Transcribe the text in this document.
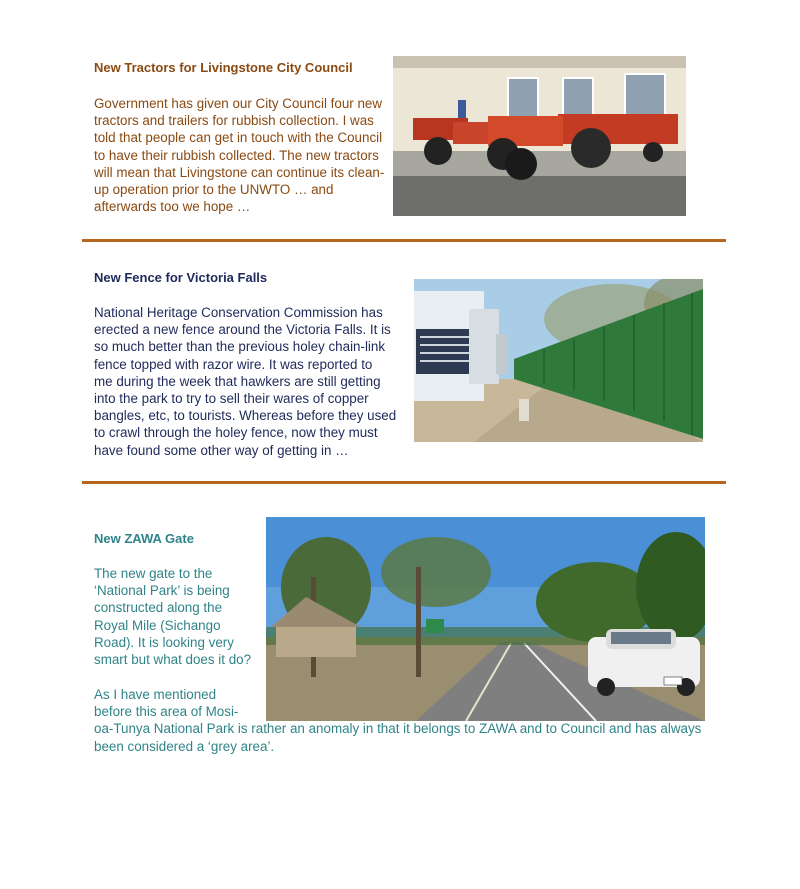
New Tractors for Livingstone City Council
Government has given our City Council four new
tractors and trailers for rubbish collection. I was
told that people can get in touch with the Council
to have their rubbish collected. The new tractors
will mean that Livingstone can continue its clean-
up operation prior to the UNWTO … and
afterwards too we hope …
New Fence for Victoria Falls
National Heritage Conservation Commission has
erected a new fence around the Victoria Falls. It is
so much better than the previous holey chain-link
fence topped with razor wire. It was reported to
me during the week that hawkers are still getting
into the park to try to sell their wares of copper
bangles, etc, to tourists. Whereas before they used
to crawl through the holey fence, now they must
have found some other way of getting in …
New ZAWA Gate
The new gate to the
‘National Park’ is being
constructed along the
Royal Mile (Sichango
Road). It is looking very
smart but what does it do?
As I have mentioned
before this area of Mosi-
oa-Tunya National Park is rather an anomaly in that it belongs to ZAWA and to Council and has always
been considered a ‘grey area’.
